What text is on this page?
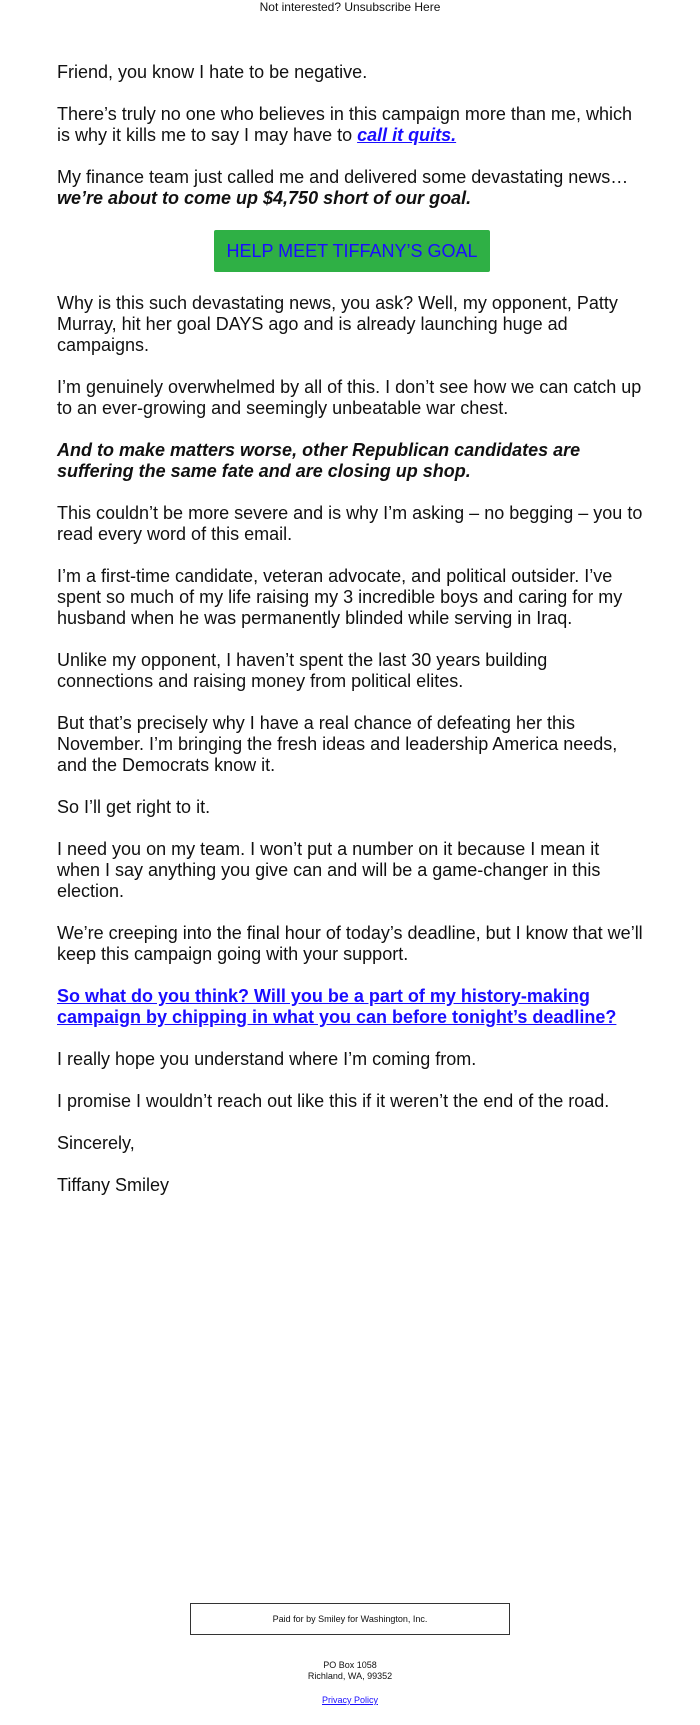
Not interested? Unsubscribe Here

Friend, you know I hate to be negative.

There’s truly no one who believes in this campaign more than me, which is why it kills me to say I may have to call it quits.

My finance team just called me and delivered some devastating news…
we’re about to come up $4,750 short of our goal.

HELP MEET TIFFANY’S GOAL

Why is this such devastating news, you ask? Well, my opponent, Patty Murray, hit her goal DAYS ago and is already launching huge ad campaigns.

I’m genuinely overwhelmed by all of this. I don’t see how we can catch up to an ever-growing and seemingly unbeatable war chest.

And to make matters worse, other Republican candidates are suffering the same fate and are closing up shop.

This couldn’t be more severe and is why I’m asking – no begging – you to read every word of this email.

I’m a first-time candidate, veteran advocate, and political outsider. I’ve spent so much of my life raising my 3 incredible boys and caring for my husband when he was permanently blinded while serving in Iraq.

Unlike my opponent, I haven’t spent the last 30 years building connections and raising money from political elites.

But that’s precisely why I have a real chance of defeating her this November. I’m bringing the fresh ideas and leadership America needs, and the Democrats know it.

So I’ll get right to it.

I need you on my team. I won’t put a number on it because I mean it when I say anything you give can and will be a game-changer in this election.

We’re creeping into the final hour of today’s deadline, but I know that we’ll keep this campaign going with your support.

So what do you think? Will you be a part of my history-making campaign by chipping in what you can before tonight’s deadline?

I really hope you understand where I’m coming from.

I promise I wouldn’t reach out like this if it weren’t the end of the road.

Sincerely,

Tiffany Smiley

Paid for by Smiley for Washington, Inc.
PO Box 1058
Richland, WA, 99352
Privacy Policy
